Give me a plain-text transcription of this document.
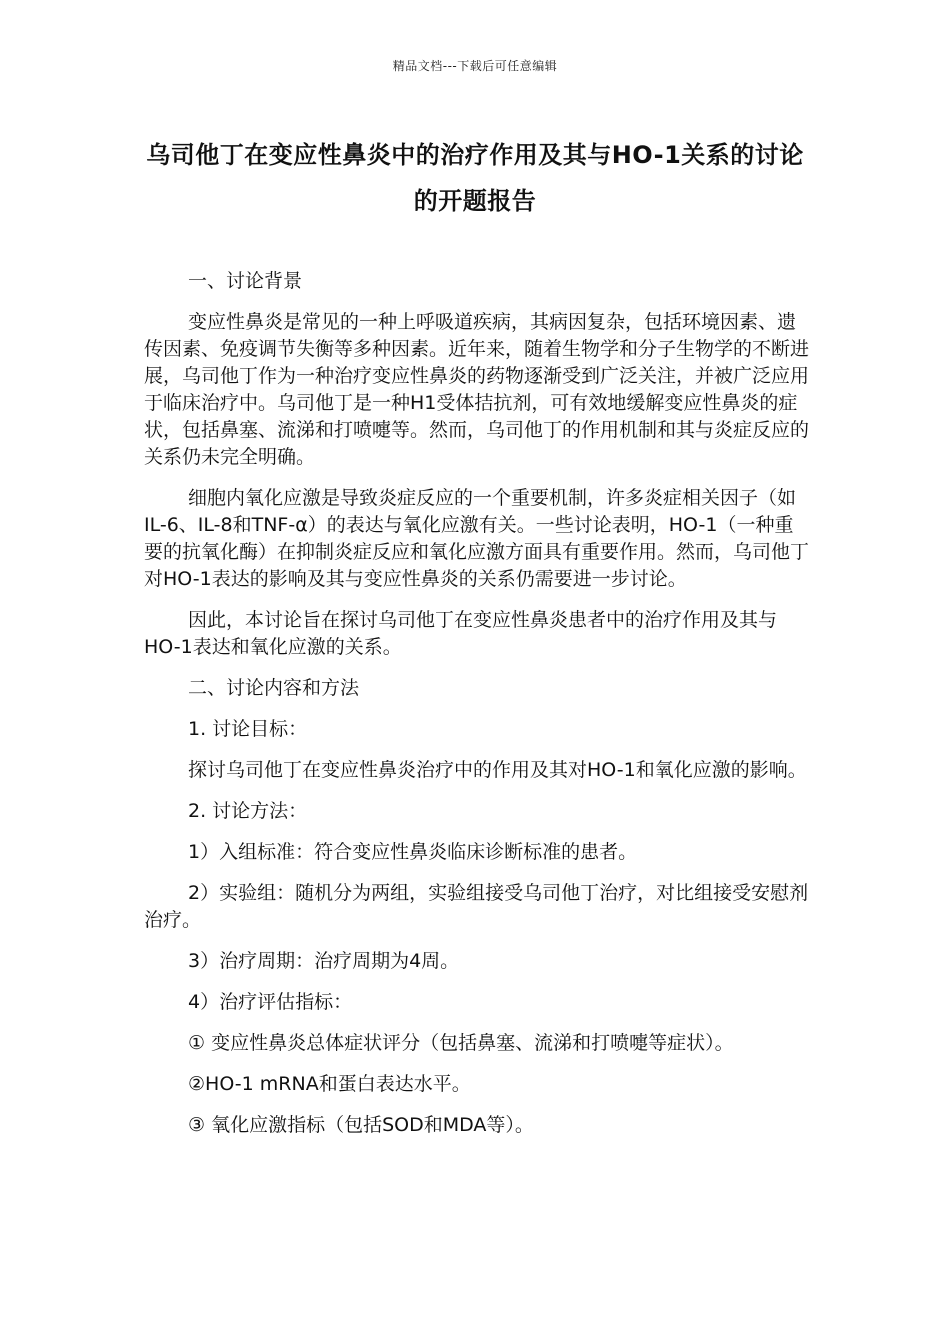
精品文档---下载后可任意编辑
乌司他丁在变应性鼻炎中的治疗作用及其与HO-1关系的讨论的开题报告

一、讨论背景

变应性鼻炎是常见的一种上呼吸道疾病，其病因复杂，包括环境因素、遗传因素、免疫调节失衡等多种因素。近年来，随着生物学和分子生物学的不断进展，乌司他丁作为一种治疗变应性鼻炎的药物逐渐受到广泛关注，并被广泛应用于临床治疗中。乌司他丁是一种H1受体拮抗剂，可有效地缓解变应性鼻炎的症状，包括鼻塞、流涕和打喷嚏等。然而，乌司他丁的作用机制和其与炎症反应的关系仍未完全明确。

细胞内氧化应激是导致炎症反应的一个重要机制，许多炎症相关因子（如IL-6、IL-8和TNF-α）的表达与氧化应激有关。一些讨论表明，HO-1（一种重要的抗氧化酶）在抑制炎症反应和氧化应激方面具有重要作用。然而，乌司他丁对HO-1表达的影响及其与变应性鼻炎的关系仍需要进一步讨论。

因此，本讨论旨在探讨乌司他丁在变应性鼻炎患者中的治疗作用及其与HO-1表达和氧化应激的关系。

二、讨论内容和方法

1. 讨论目标：

探讨乌司他丁在变应性鼻炎治疗中的作用及其对HO-1和氧化应激的影响。

2. 讨论方法：

1）入组标准：符合变应性鼻炎临床诊断标准的患者。

2）实验组：随机分为两组，实验组接受乌司他丁治疗，对比组接受安慰剂治疗。

3）治疗周期：治疗周期为4周。

4）治疗评估指标：

① 变应性鼻炎总体症状评分（包括鼻塞、流涕和打喷嚏等症状）。

②HO-1 mRNA和蛋白表达水平。

③ 氧化应激指标（包括SOD和MDA等）。
